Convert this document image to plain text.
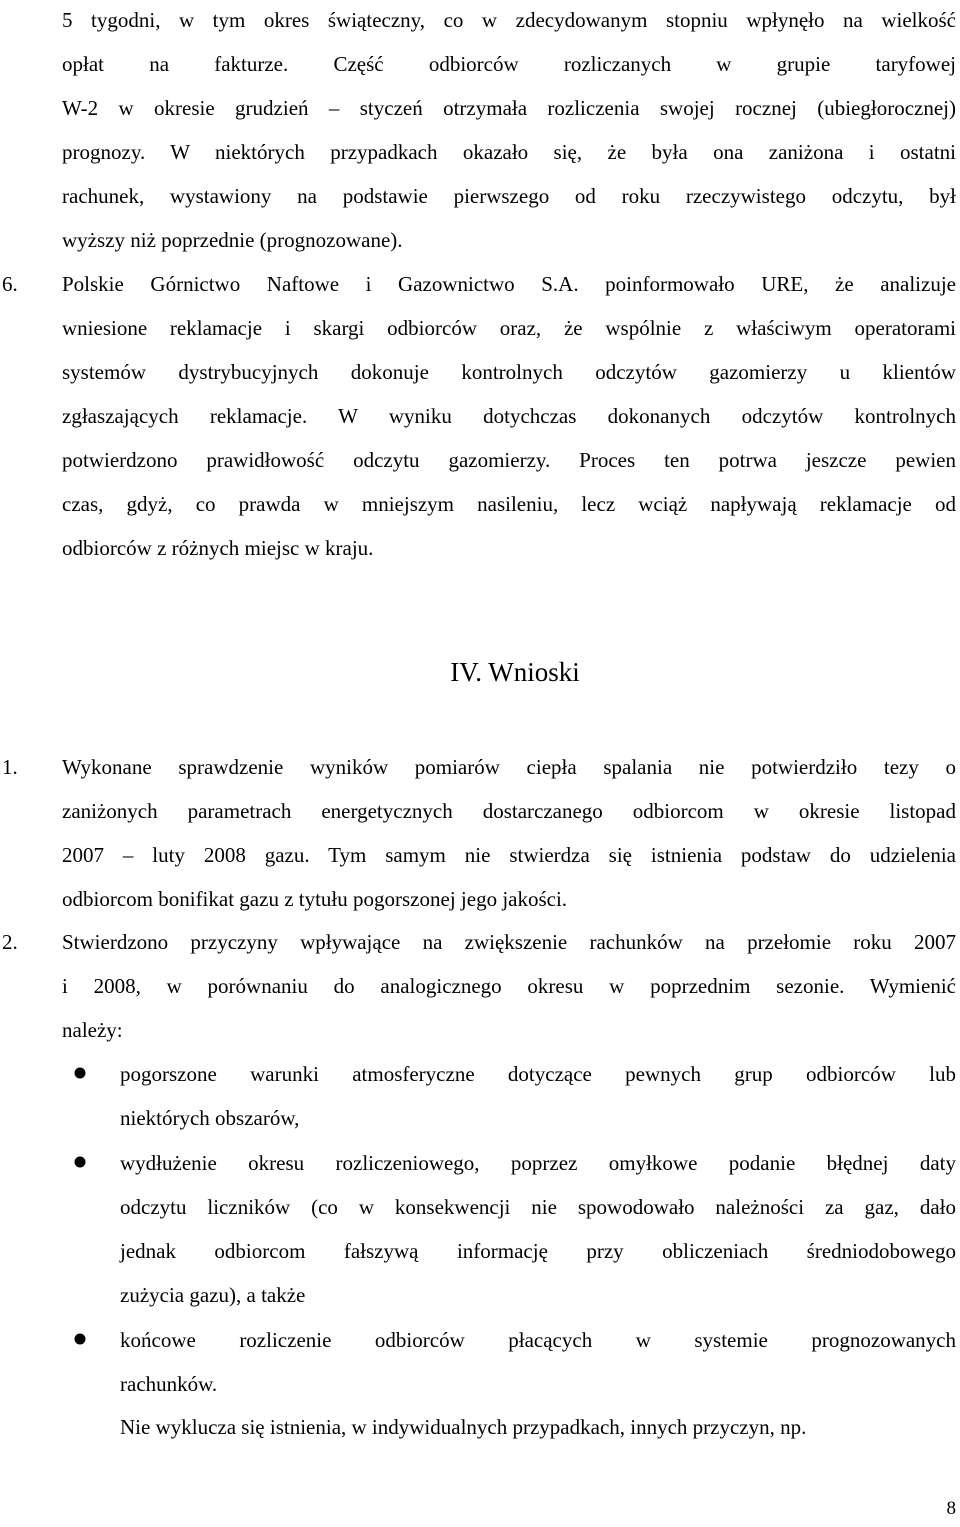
5 tygodni, w tym okres świąteczny, co w zdecydowanym stopniu wpłynęło na wielkość
opłat na fakturze. Część odbiorców rozliczanych w grupie taryfowej
W-2 w okresie grudzień – styczeń otrzymała rozliczenia swojej rocznej (ubiegłorocznej)
prognozy. W niektórych przypadkach okazało się, że była ona zaniżona i ostatni
rachunek, wystawiony na podstawie pierwszego od roku rzeczywistego odczytu, był
wyższy niż poprzednie (prognozowane).
6. Polskie Górnictwo Naftowe i Gazownictwo S.A. poinformowało URE, że analizuje
wniesione reklamacje i skargi odbiorców oraz, że wspólnie z właściwym operatorami
systemów dystrybucyjnych dokonuje kontrolnych odczytów gazomierzy u klientów
zgłaszających reklamacje. W wyniku dotychczas dokonanych odczytów kontrolnych
potwierdzono prawidłowość odczytu gazomierzy. Proces ten potrwa jeszcze pewien
czas, gdyż, co prawda w mniejszym nasileniu, lecz wciąż napływają reklamacje od
odbiorców z różnych miejsc w kraju.
IV. Wnioski
1. Wykonane sprawdzenie wyników pomiarów ciepła spalania nie potwierdziło tezy o
zaniżonych parametrach energetycznych dostarczanego odbiorcom w okresie listopad
2007 – luty 2008 gazu. Tym samym nie stwierdza się istnienia podstaw do udzielenia
odbiorcom bonifikat gazu z tytułu pogorszonej jego jakości.
2. Stwierdzono przyczyny wpływające na zwiększenie rachunków na przełomie roku 2007
i 2008, w porównaniu do analogicznego okresu w poprzednim sezonie. Wymienić
należy:
pogorszone warunki atmosferyczne dotyczące pewnych grup odbiorców lub
niektórych obszarów,
wydłużenie okresu rozliczeniowego, poprzez omyłkowe podanie błędnej daty
odczytu liczników (co w konsekwencji nie spowodowało należności za gaz, dało
jednak odbiorcom fałszywą informację przy obliczeniach średniodobowego
zużycia gazu), a także
końcowe rozliczenie odbiorców płacących w systemie prognozowanych
rachunków.
Nie wyklucza się istnienia, w indywidualnych przypadkach, innych przyczyn, np.
8
